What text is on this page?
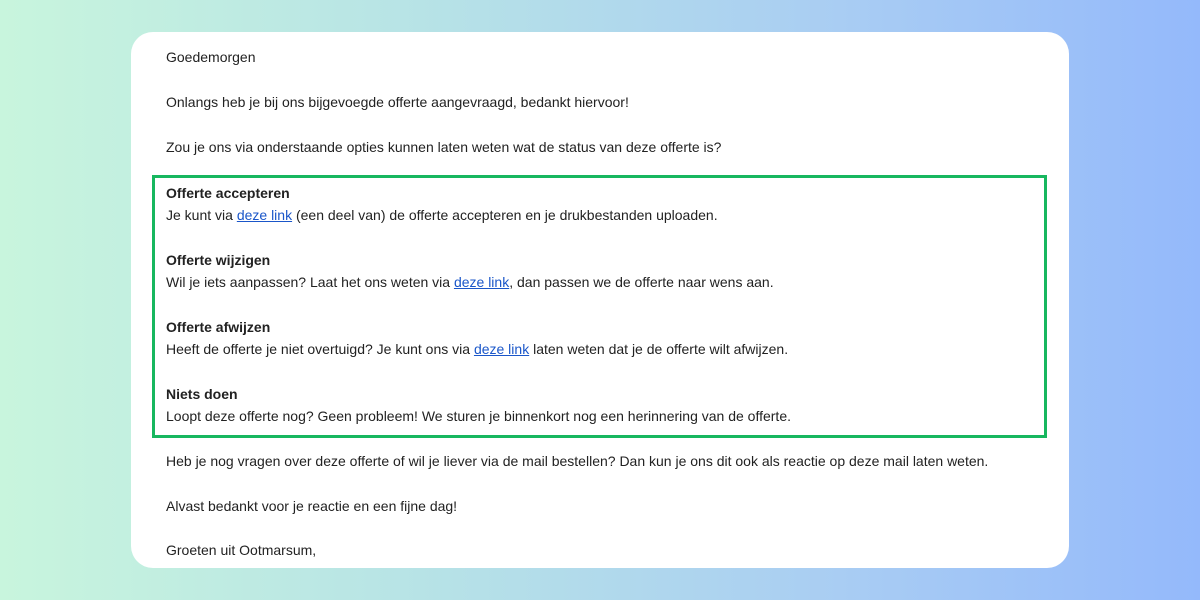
Goedemorgen

Onlangs heb je bij ons bijgevoegde offerte aangevraagd, bedankt hiervoor!

Zou je ons via onderstaande opties kunnen laten weten wat de status van deze offerte is?

Offerte accepteren
Je kunt via deze link (een deel van) de offerte accepteren en je drukbestanden uploaden.
Offerte wijzigen
Wil je iets aanpassen? Laat het ons weten via deze link, dan passen we de offerte naar wens aan.
Offerte afwijzen
Heeft de offerte je niet overtuigd? Je kunt ons via deze link laten weten dat je de offerte wilt afwijzen.
Niets doen
Loopt deze offerte nog? Geen probleem! We sturen je binnenkort nog een herinnering van de offerte.

Heb je nog vragen over deze offerte of wil je liever via de mail bestellen? Dan kun je ons dit ook als reactie op deze mail laten weten.

Alvast bedankt voor je reactie en een fijne dag!

Groeten uit Ootmarsum,
